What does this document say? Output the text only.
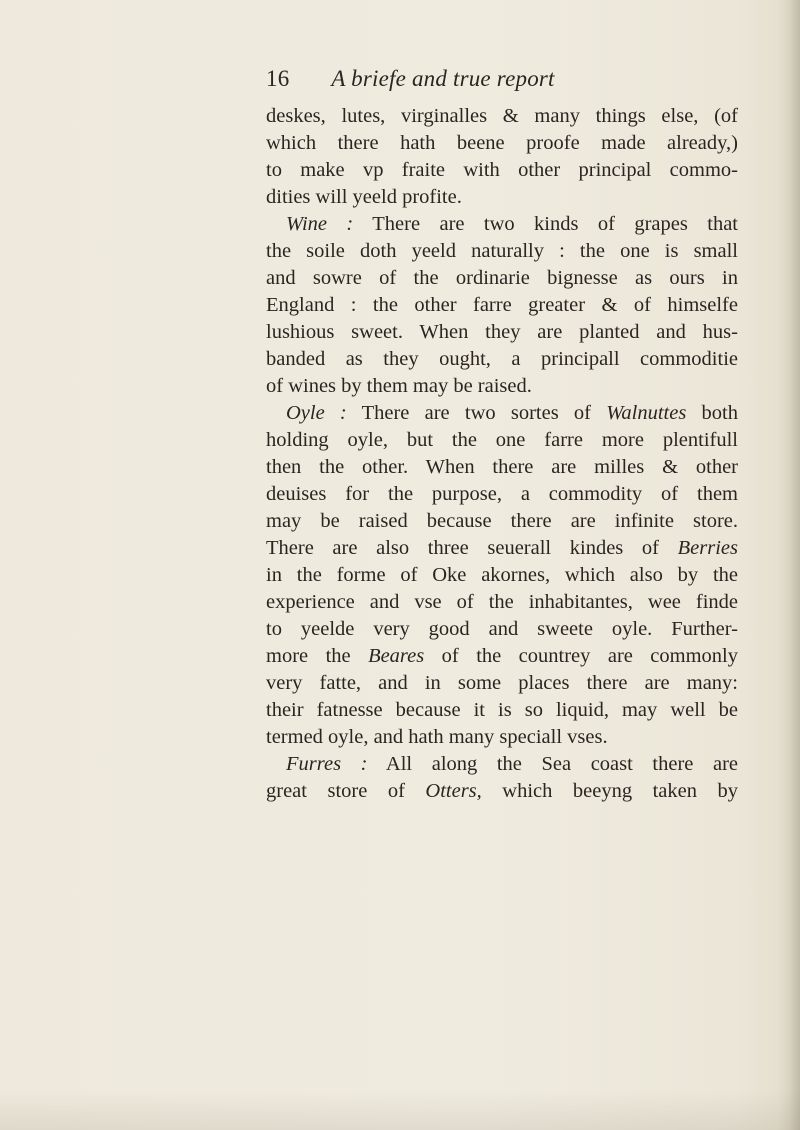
16 A briefe and true report
deskes, lutes, virginalles & many things else, (of
which there hath beene proofe made already,)
to make vp fraite with other principal commo-
dities will yeeld profite.
Wine : There are two kinds of grapes that
the soile doth yeeld naturally : the one is small
and sowre of the ordinarie bignesse as ours in
England : the other farre greater & of himselfe
lushious sweet. When they are planted and hus-
banded as they ought, a principall commoditie
of wines by them may be raised.
Oyle : There are two sortes of Walnuttes both
holding oyle, but the one farre more plentifull
then the other. When there are milles & other
deuises for the purpose, a commodity of them
may be raised because there are infinite store.
There are also three seuerall kindes of Berries
in the forme of Oke akornes, which also by the
experience and vse of the inhabitantes, wee finde
to yeelde very good and sweete oyle. Further-
more the Beares of the countrey are commonly
very fatte, and in some places there are many:
their fatnesse because it is so liquid, may well be
termed oyle, and hath many speciall vses.
Furres : All along the Sea coast there are
great store of Otters, which beeyng taken by
